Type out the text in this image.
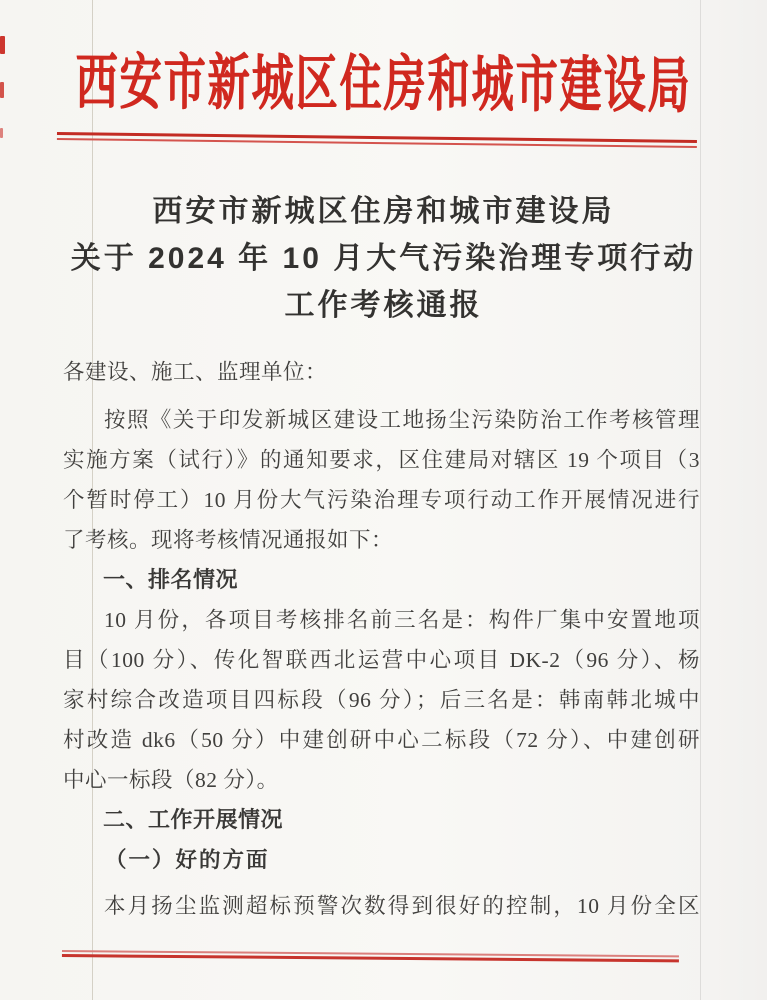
西安市新城区住房和城市建设局
西安市新城区住房和城市建设局
关于 2024 年 10 月大气污染治理专项行动
工作考核通报
各建设、施工、监理单位：
按照《关于印发新城区建设工地扬尘污染防治工作考核管理
实施方案（试行）》的通知要求，区住建局对辖区 19 个项目（3
个暂时停工）10 月份大气污染治理专项行动工作开展情况进行
了考核。现将考核情况通报如下：
一、排名情况
10 月份，各项目考核排名前三名是：构件厂集中安置地项
目（100 分）、传化智联西北运营中心项目 DK-2（96 分）、杨
家村综合改造项目四标段（96 分）；后三名是：韩南韩北城中
村改造 dk6（50 分）中建创研中心二标段（72 分）、中建创研
中心一标段（82 分）。
二、工作开展情况
（一）好的方面
本月扬尘监测超标预警次数得到很好的控制，10 月份全区
